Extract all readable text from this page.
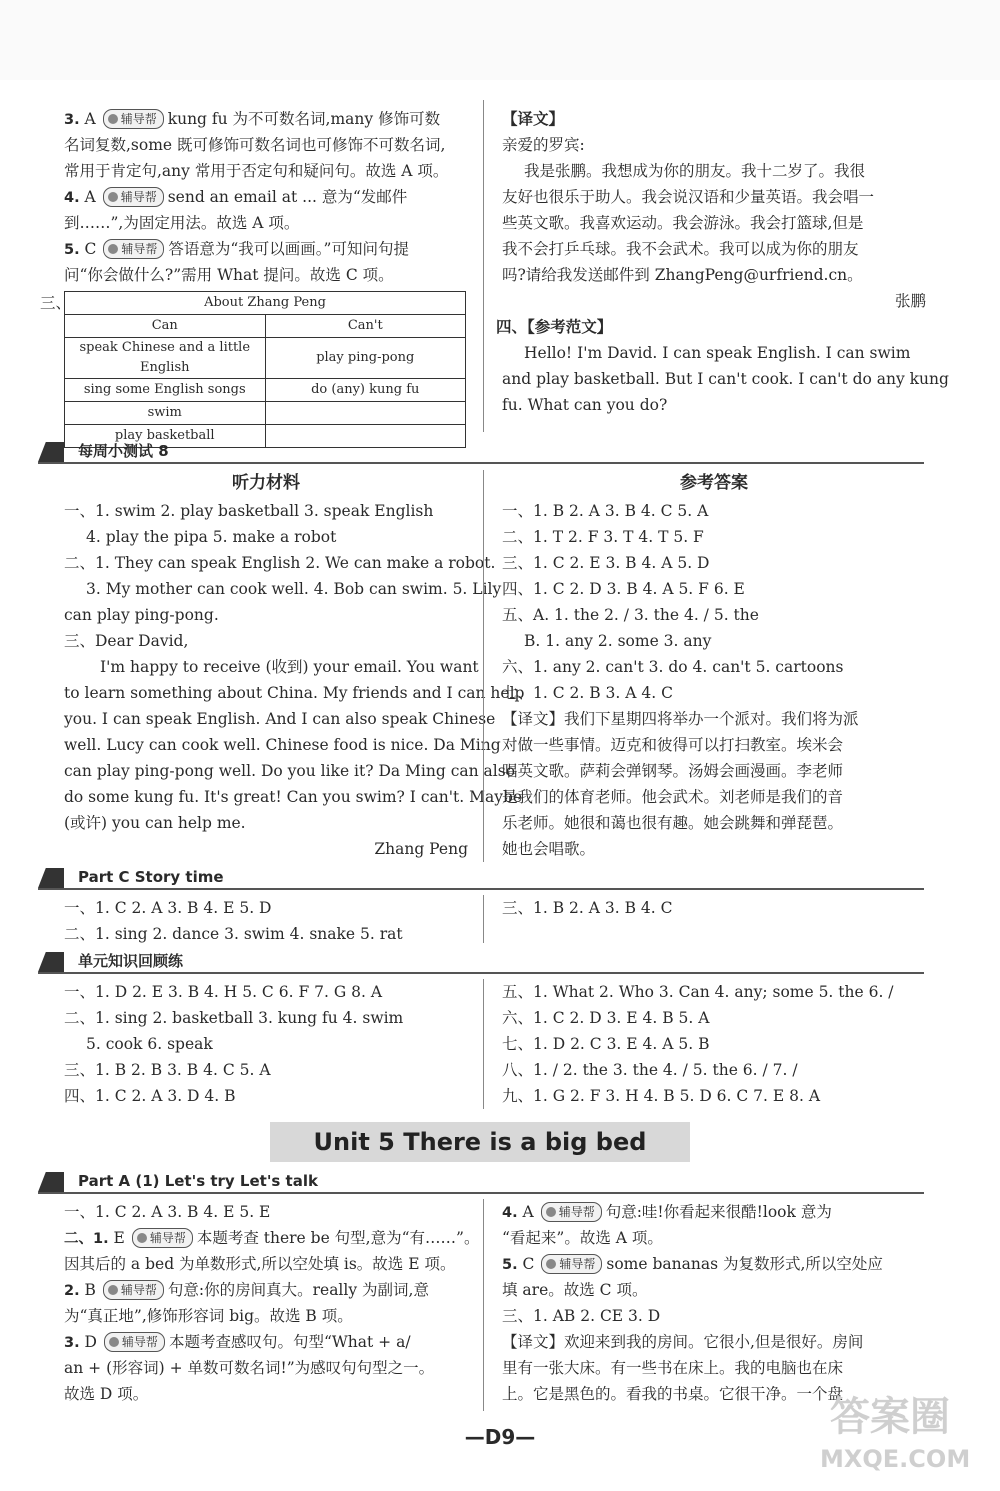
3. A 辅导帮 kung fu 为不可数名词,many 修饰可数
名词复数,some 既可修饰可数名词也可修饰不可数名词,
常用于肯定句,any 常用于否定句和疑问句。故选 A 项。
4. A 辅导帮 send an email at ... 意为“发邮件
到……”,为固定用法。故选 A 项。
5. C 辅导帮 答语意为“我可以画画。”可知问句提
问“你会做什么?”需用 What 提问。故选 C 项。
三、	About Zhang Peng	
Can	Can't
speak Chinese and a little English	play ping-pong
sing some English songs	do (any) kung fu
swim	
play basketball	
【译文】
亲爱的罗宾:
我是张鹏。我想成为你的朋友。我十二岁了。我很
友好也很乐于助人。我会说汉语和少量英语。我会唱一
些英文歌。我喜欢运动。我会游泳。我会打篮球,但是
我不会打乒乓球。我不会武术。我可以成为你的朋友
吗?请给我发送邮件到 ZhangPeng@urfriend.cn。
张鹏
四、【参考范文】
Hello! I'm David. I can speak English. I can swim
and play basketball. But I can't cook. I can't do any kung
fu. What can you do?
每周小测试 8
听力材料
一、1. swim 2. play basketball 3. speak English
4. play the pipa 5. make a robot
二、1. They can speak English 2. We can make a robot.
3. My mother can cook well. 4. Bob can swim. 5. Lily
can play ping-pong.
三、Dear David,
I'm happy to receive (收到) your email. You want
to learn something about China. My friends and I can help
you. I can speak English. And I can also speak Chinese
well. Lucy can cook well. Chinese food is nice. Da Ming
can play ping-pong well. Do you like it? Da Ming can also
do some kung fu. It's great! Can you swim? I can't. Maybe
(或许) you can help me.
Zhang Peng
参考答案
一、1. B 2. A 3. B 4. C 5. A
二、1. T 2. F 3. T 4. T 5. F
三、1. C 2. E 3. B 4. A 5. D
四、1. C 2. D 3. B 4. A 5. F 6. E
五、A. 1. the 2. / 3. the 4. / 5. the
B. 1. any 2. some 3. any
六、1. any 2. can't 3. do 4. can't 5. cartoons
七、1. C 2. B 3. A 4. C
【译文】我们下星期四将举办一个派对。我们将为派
对做一些事情。迈克和彼得可以打扫教室。埃米会
唱英文歌。萨莉会弹钢琴。汤姆会画漫画。李老师
是我们的体育老师。他会武术。刘老师是我们的音
乐老师。她很和蔼也很有趣。她会跳舞和弹琵琶。
她也会唱歌。
Part C Story time
一、1. C 2. A 3. B 4. E 5. D
二、1. sing 2. dance 3. swim 4. snake 5. rat
三、1. B 2. A 3. B 4. C
单元知识回顾练
一、1. D 2. E 3. B 4. H 5. C 6. F 7. G 8. A
二、1. sing 2. basketball 3. kung fu 4. swim
5. cook 6. speak
三、1. B 2. B 3. B 4. C 5. A
四、1. C 2. A 3. D 4. B
五、1. What 2. Who 3. Can 4. any; some 5. the 6. /
六、1. C 2. D 3. E 4. B 5. A
七、1. D 2. C 3. E 4. A 5. B
八、1. / 2. the 3. the 4. / 5. the 6. / 7. /
九、1. G 2. F 3. H 4. B 5. D 6. C 7. E 8. A
Unit 5 There is a big bed
Part A (1) Let's try Let's talk
一、1. C 2. A 3. B 4. E 5. E
二、1. E 辅导帮 本题考查 there be 句型,意为“有……”。
因其后的 a bed 为单数形式,所以空处填 is。故选 E 项。
2. B 辅导帮 句意:你的房间真大。really 为副词,意
为“真正地”,修饰形容词 big。故选 B 项。
3. D 辅导帮 本题考查感叹句。句型“What + a/
an + (形容词) + 单数可数名词!”为感叹句句型之一。
故选 D 项。
4. A 辅导帮 句意:哇!你看起来很酷!look 意为
“看起来”。故选 A 项。
5. C 辅导帮 some bananas 为复数形式,所以空处应
填 are。故选 C 项。
三、1. AB 2. CE 3. D
【译文】欢迎来到我的房间。它很小,但是很好。房间
里有一张大床。有一些书在床上。我的电脑也在床
上。它是黑色的。看我的书桌。它很干净。一个盘
—D9—	答案圈
MXQE.COM
